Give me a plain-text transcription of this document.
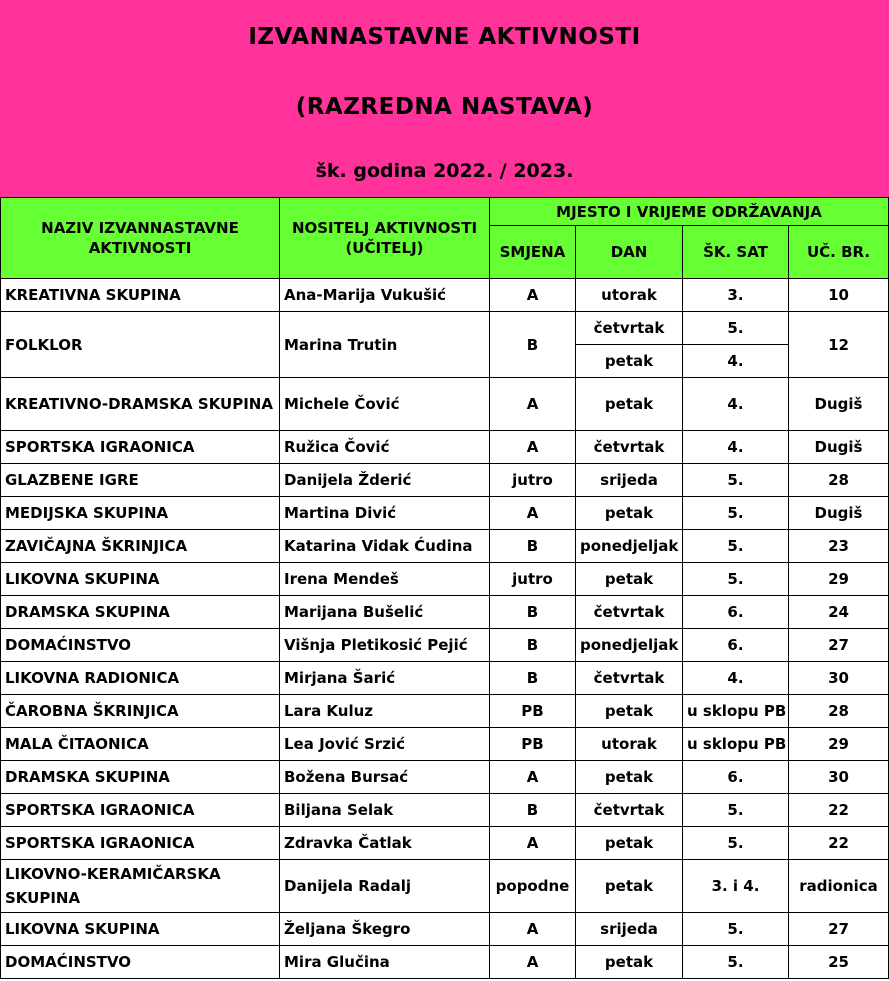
IZVANNASTAVNE AKTIVNOSTI
(RAZREDNA NASTAVA)
šk. godina 2022. / 2023.
NAZIV IZVANNASTAVNE AKTIVNOSTI	NOSITELJ AKTIVNOSTI (UČITELJ)	MJESTO I VRIJEME ODRŽAVANJA			
		SMJENA	DAN	ŠK. SAT	UČ. BR.
KREATIVNA SKUPINA	Ana-Marija Vukušić	A	utorak	3.	10
FOLKLOR	Marina Trutin	B	četvrtak	5.	12
			petak	4.	
KREATIVNO-DRAMSKA SKUPINA	Michele Čović	A	petak	4.	Dugiš
SPORTSKA IGRAONICA	Ružica Čović	A	četvrtak	4.	Dugiš
GLAZBENE IGRE	Danijela Žderić	jutro	srijeda	5.	28
MEDIJSKA SKUPINA	Martina Divić	A	petak	5.	Dugiš
ZAVIČAJNA ŠKRINJICA	Katarina Vidak Ćudina	B	ponedjeljak	5.	23
LIKOVNA SKUPINA	Irena Mendeš	jutro	petak	5.	29
DRAMSKA SKUPINA	Marijana Bušelić	B	četvrtak	6.	24
DOMAĆINSTVO	Višnja Pletikosić Pejić	B	ponedjeljak	6.	27
LIKOVNA RADIONICA	Mirjana Šarić	B	četvrtak	4.	30
ČAROBNA ŠKRINJICA	Lara Kuluz	PB	petak	u sklopu PB	28
MALA ČITAONICA	Lea Jović Srzić	PB	utorak	u sklopu PB	29
DRAMSKA SKUPINA	Božena Bursać	A	petak	6.	30
SPORTSKA IGRAONICA	Biljana Selak	B	četvrtak	5.	22
SPORTSKA IGRAONICA	Zdravka Čatlak	A	petak	5.	22
LIKOVNO-KERAMIČARSKA SKUPINA	Danijela Radalj	popodne	petak	3. i 4.	radionica
LIKOVNA SKUPINA	Željana Škegro	A	srijeda	5.	27
DOMAĆINSTVO	Mira Glučina	A	petak	5.	25
